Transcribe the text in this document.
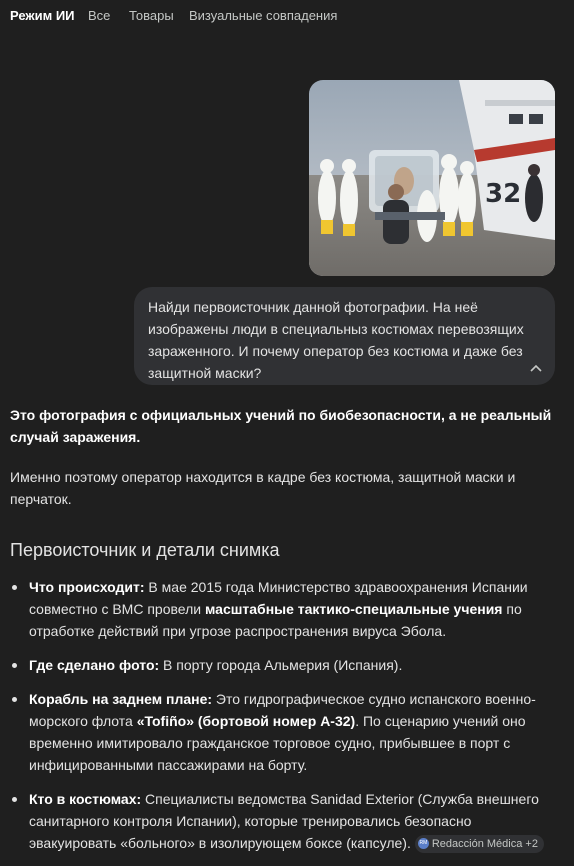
Режим ИИ Все Товары Визуальные совпадения
32
Найди первоисточник данной фотографии. На неё изображены люди в специальныз костюмах перевозящих зараженного. И почему оператор без костюма и даже без защитной маски?

Это фотография с официальных учений по биобезопасности, а не реальный случай заражения.

Именно поэтому оператор находится в кадре без костюма, защитной маски и перчаток.

Первоисточник и детали снимка
Что происходит: В мае 2015 года Министерство здравоохранения Испании совместно с ВМС провели масштабные тактико-специальные учения по отработке действий при угрозе распространения вируса Эбола.
Где сделано фото: В порту города Альмерия (Испания).
Корабль на заднем плане: Это гидрографическое судно испанского военно-морского флота «Tofiño» (бортовой номер A-32). По сценарию учений оно временно имитировало гражданское торговое судно, прибывшее в порт с инфицированными пассажирами на борту.
Кто в костюмах: Специалисты ведомства Sanidad Exterior (Служба внешнего санитарного контроля Испании), которые тренировались безопасно эвакуировать «больного» в изолирующем боксе (капсуле). RM Redacción Médica +2
